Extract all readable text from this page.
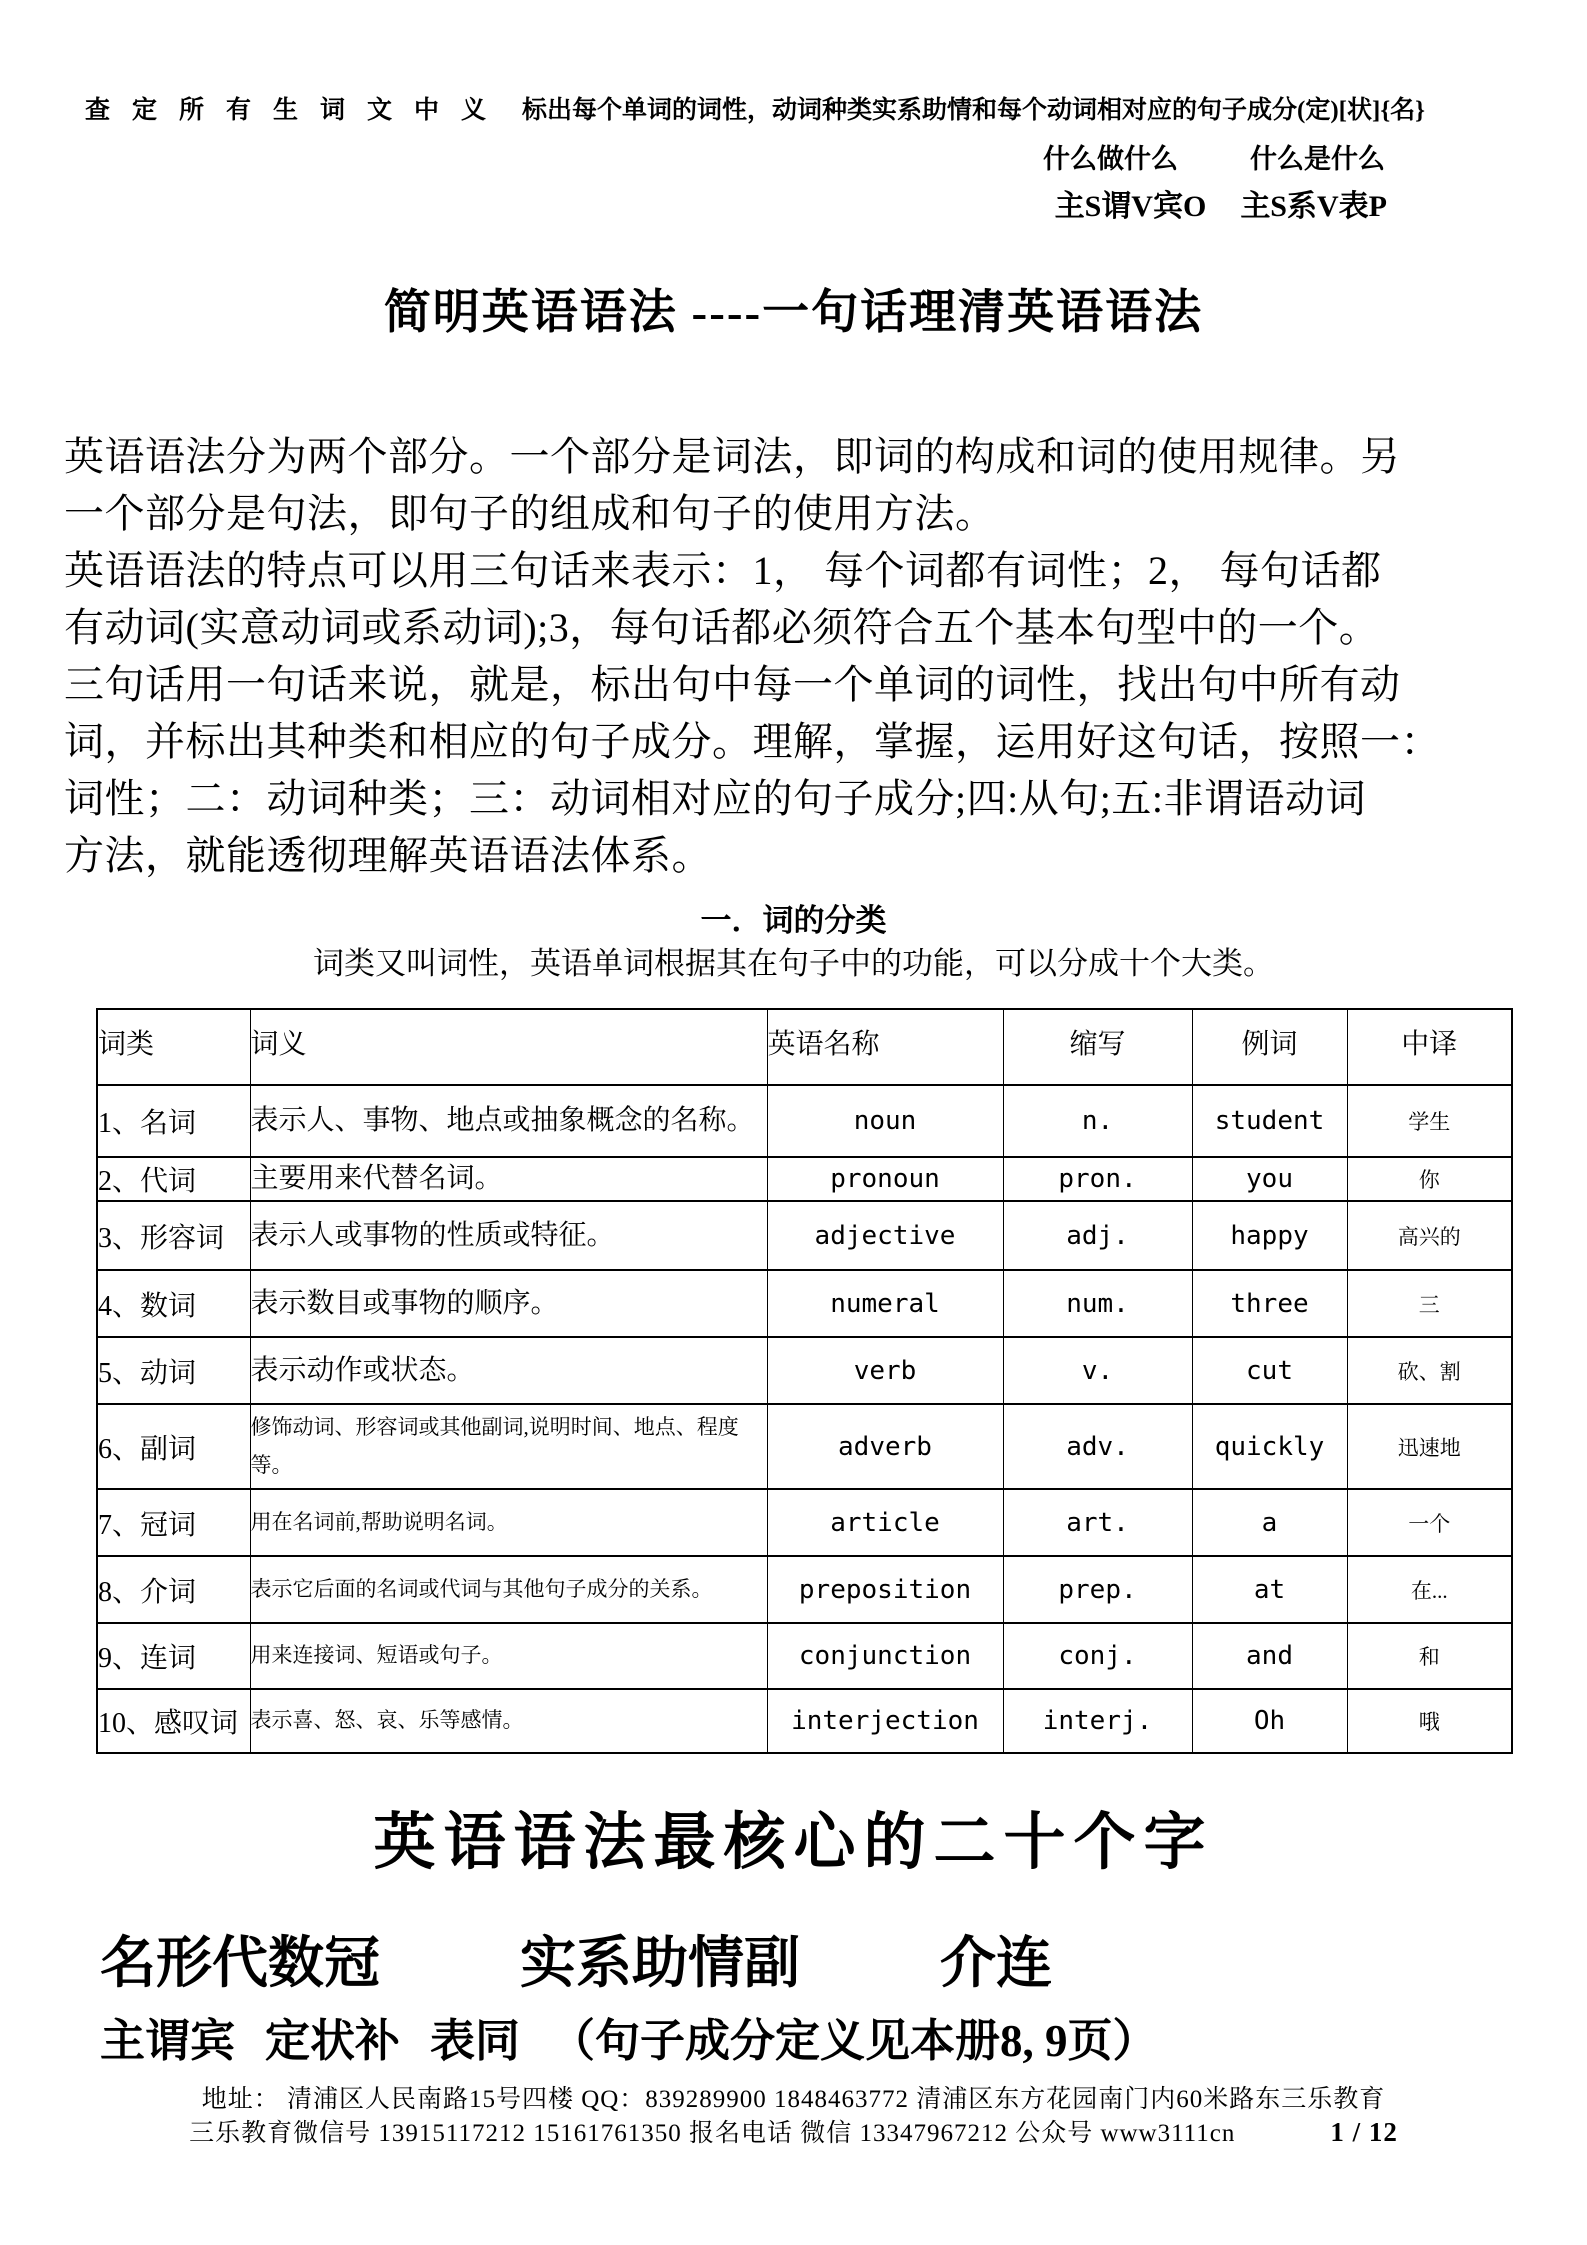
查定所有生词文中义 标出每个单词的词性，动词种类实系助情和每个动词相对应的句子成分(定)[状]{名}
什么做什么	什么是什么
主S谓V宾O 主S系V表P
简明英语语法 ----一句话理清英语语法
英语语法分为两个部分。一个部分是词法，即词的构成和词的使用规律。另
一个部分是句法，即句子的组成和句子的使用方法。
英语语法的特点可以用三句话来表示：1， 每个词都有词性；2， 每句话都
有动词(实意动词或系动词);3，每句话都必须符合五个基本句型中的一个。
三句话用一句话来说，就是，标出句中每一个单词的词性，找出句中所有动
词，并标出其种类和相应的句子成分。理解，掌握，运用好这句话，按照一：
词性；二：动词种类；三：动词相对应的句子成分;四:从句;五:非谓语动词
方法，就能透彻理解英语语法体系。
一．词的分类
词类又叫词性，英语单词根据其在句子中的功能，可以分成十个大类。
词类	词义	英语名称	缩写	例词	中译
1、名词	表示人、事物、地点或抽象概念的名称。	noun	n.	student	学生
2、代词	主要用来代替名词。	pronoun	pron.	you	你
3、形容词	表示人或事物的性质或特征。	adjective	adj.	happy	高兴的
4、数词	表示数目或事物的顺序。	numeral	num.	three	三
5、动词	表示动作或状态。	verb	v.	cut	砍、割
6、副词	修饰动词、形容词或其他副词,说明时间、地点、程度等。	adverb	adv.	quickly	迅速地
7、冠词	用在名词前,帮助说明名词。	article	art.	a	一个
8、介词	表示它后面的名词或代词与其他句子成分的关系。	preposition	prep.	at	在...
9、连词	用来连接词、短语或句子。	conjunction	conj.	and	和
10、感叹词	表示喜、怒、哀、乐等感情。	interjection	interj.	Oh	哦
英语语法最核心的二十个字
名形代数冠	实系助情副	介连
主谓宾 定状补 表同 （句子成分定义见本册8, 9页）
地址： 清浦区人民南路15号四楼 QQ：839289900 1848463772 清浦区东方花园南门内60米路东三乐教育
三乐教育微信号 13915117212 15161761350 报名电话 微信 13347967212 公众号 www3111cn	1 / 12
